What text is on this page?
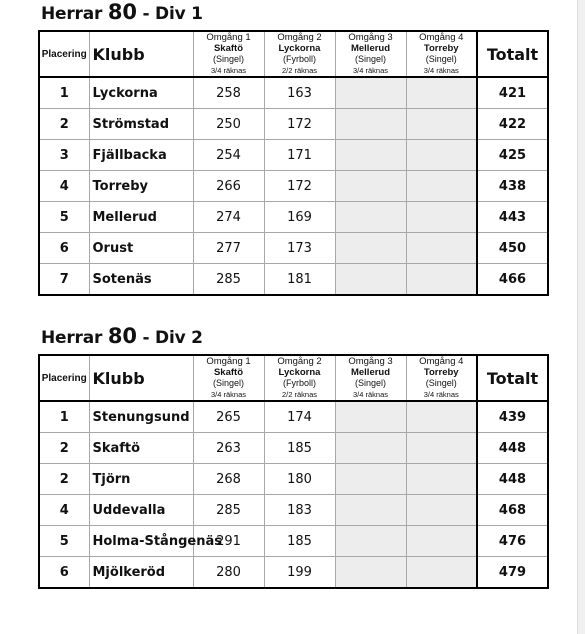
Herrar 80 - Div 1
Placering	Klubb	Omgång 1
Skaftö
(Singel)
3/4 räknas	Omgång 2
Lyckorna
(Fyrboll)
2/2 räknas	Omgång 3
Mellerud
(Singel)
3/4 räknas	Omgång 4
Torreby
(Singel)
3/4 räknas	Totalt
1	Lyckorna	258	163			421
2	Strömstad	250	172			422
3	Fjällbacka	254	171			425
4	Torreby	266	172			438
5	Mellerud	274	169			443
6	Orust	277	173			450
7	Sotenäs	285	181			466
Herrar 80 - Div 2
Placering	Klubb	Omgång 1
Skaftö
(Singel)
3/4 räknas	Omgång 2
Lyckorna
(Fyrboll)
2/2 räknas	Omgång 3
Mellerud
(Singel)
3/4 räknas	Omgång 4
Torreby
(Singel)
3/4 räknas	Totalt
1	Stenungsund	265	174			439
2	Skaftö	263	185			448
2	Tjörn	268	180			448
4	Uddevalla	285	183			468
5	Holma-Stångenäs	291	185			476
6	Mjölkeröd	280	199			479
